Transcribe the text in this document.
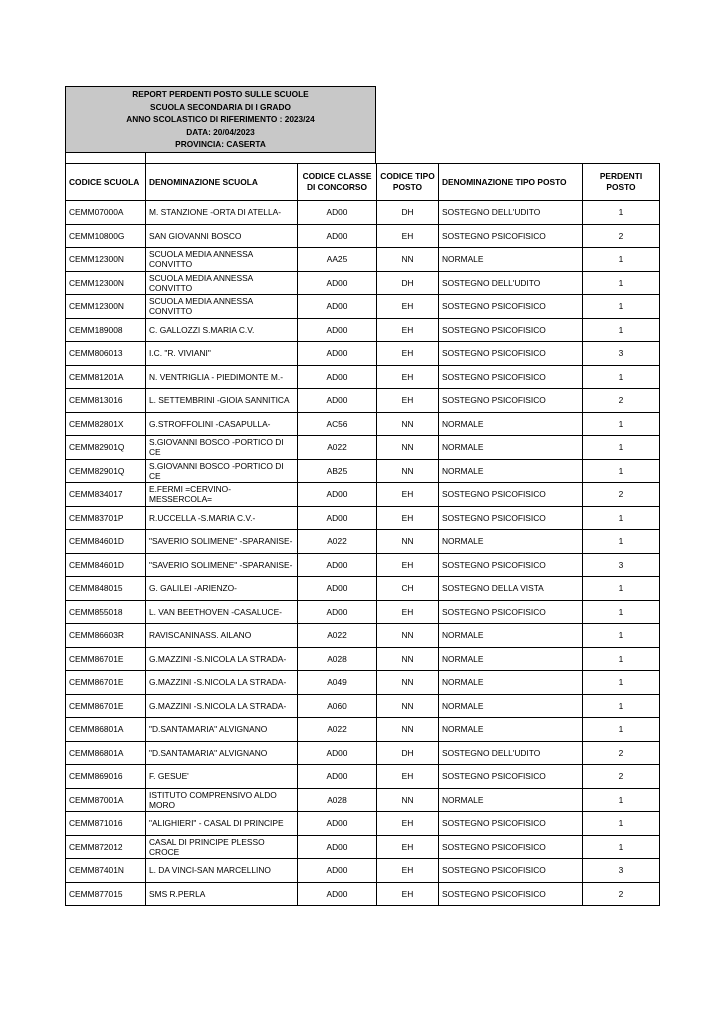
REPORT PERDENTI POSTO SULLE SCUOLE
SCUOLA SECONDARIA DI I GRADO
ANNO SCOLASTICO DI RIFERIMENTO : 2023/24
DATA: 20/04/2023
PROVINCIA: CASERTA
CODICE SCUOLA	DENOMINAZIONE SCUOLA	CODICE CLASSE DI CONCORSO	CODICE TIPO POSTO	DENOMINAZIONE TIPO POSTO	PERDENTI POSTO
CEMM07000A	M. STANZIONE -ORTA DI ATELLA-	AD00	DH	SOSTEGNO DELL'UDITO	1
CEMM10800G	SAN GIOVANNI BOSCO	AD00	EH	SOSTEGNO PSICOFISICO	2
CEMM12300N	SCUOLA MEDIA ANNESSA CONVITTO	AA25	NN	NORMALE	1
CEMM12300N	SCUOLA MEDIA ANNESSA CONVITTO	AD00	DH	SOSTEGNO DELL'UDITO	1
CEMM12300N	SCUOLA MEDIA ANNESSA CONVITTO	AD00	EH	SOSTEGNO PSICOFISICO	1
CEMM189008	C. GALLOZZI S.MARIA C.V.	AD00	EH	SOSTEGNO PSICOFISICO	1
CEMM806013	I.C. "R. VIVIANI"	AD00	EH	SOSTEGNO PSICOFISICO	3
CEMM81201A	N. VENTRIGLIA - PIEDIMONTE M.-	AD00	EH	SOSTEGNO PSICOFISICO	1
CEMM813016	L. SETTEMBRINI -GIOIA SANNITICA	AD00	EH	SOSTEGNO PSICOFISICO	2
CEMM82801X	G.STROFFOLINI -CASAPULLA-	AC56	NN	NORMALE	1
CEMM82901Q	S.GIOVANNI BOSCO -PORTICO DI CE	A022	NN	NORMALE	1
CEMM82901Q	S.GIOVANNI BOSCO -PORTICO DI CE	AB25	NN	NORMALE	1
CEMM834017	E.FERMI =CERVINO-MESSERCOLA=	AD00	EH	SOSTEGNO PSICOFISICO	2
CEMM83701P	R.UCCELLA -S.MARIA C.V.-	AD00	EH	SOSTEGNO PSICOFISICO	1
CEMM84601D	"SAVERIO SOLIMENE" -SPARANISE-	A022	NN	NORMALE	1
CEMM84601D	"SAVERIO SOLIMENE" -SPARANISE-	AD00	EH	SOSTEGNO PSICOFISICO	3
CEMM848015	G. GALILEI -ARIENZO-	AD00	CH	SOSTEGNO DELLA VISTA	1
CEMM855018	L. VAN BEETHOVEN -CASALUCE-	AD00	EH	SOSTEGNO PSICOFISICO	1
CEMM86603R	RAVISCANINASS. AILANO	A022	NN	NORMALE	1
CEMM86701E	G.MAZZINI -S.NICOLA LA STRADA-	A028	NN	NORMALE	1
CEMM86701E	G.MAZZINI -S.NICOLA LA STRADA-	A049	NN	NORMALE	1
CEMM86701E	G.MAZZINI -S.NICOLA LA STRADA-	A060	NN	NORMALE	1
CEMM86801A	"D.SANTAMARIA" ALVIGNANO	A022	NN	NORMALE	1
CEMM86801A	"D.SANTAMARIA" ALVIGNANO	AD00	DH	SOSTEGNO DELL'UDITO	2
CEMM869016	F. GESUE'	AD00	EH	SOSTEGNO PSICOFISICO	2
CEMM87001A	ISTITUTO COMPRENSIVO ALDO MORO	A028	NN	NORMALE	1
CEMM871016	"ALIGHIERI" - CASAL DI PRINCIPE	AD00	EH	SOSTEGNO PSICOFISICO	1
CEMM872012	CASAL DI PRINCIPE PLESSO CROCE	AD00	EH	SOSTEGNO PSICOFISICO	1
CEMM87401N	L. DA VINCI-SAN MARCELLINO	AD00	EH	SOSTEGNO PSICOFISICO	3
CEMM877015	SMS R.PERLA	AD00	EH	SOSTEGNO PSICOFISICO	2
